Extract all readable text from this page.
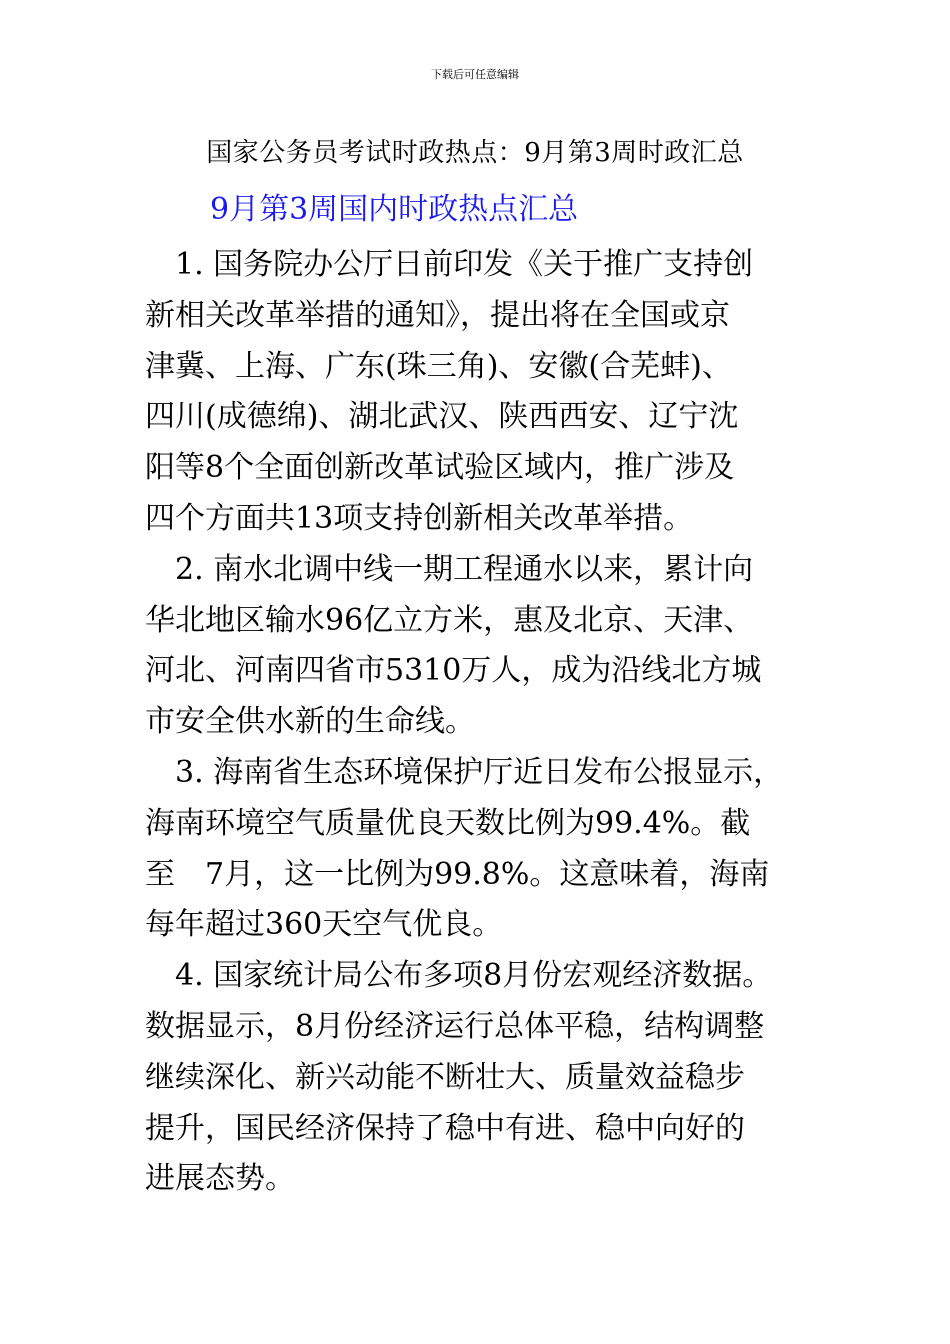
下载后可任意编辑
国家公务员考试时政热点：9月第3周时政汇总
9月第3周国内时政热点汇总
　1. 国务院办公厅日前印发《关于推广支持创
新相关改革举措的通知》，提出将在全国或京
津冀、上海、广东(珠三角)、安徽(合芜蚌)、
四川(成德绵)、湖北武汉、陕西西安、辽宁沈
阳等8个全面创新改革试验区域内，推广涉及
四个方面共13项支持创新相关改革举措。
　2. 南水北调中线一期工程通水以来，累计向
华北地区输水96亿立方米，惠及北京、天津、
河北、河南四省市5310万人，成为沿线北方城
市安全供水新的生命线。
　3. 海南省生态环境保护厅近日发布公报显示，
海南环境空气质量优良天数比例为99.4%。截
至　7月，这一比例为99.8%。这意味着，海南
每年超过360天空气优良。
　4. 国家统计局公布多项8月份宏观经济数据。
数据显示，8月份经济运行总体平稳，结构调整
继续深化、新兴动能不断壮大、质量效益稳步
提升，国民经济保持了稳中有进、稳中向好的
进展态势。
